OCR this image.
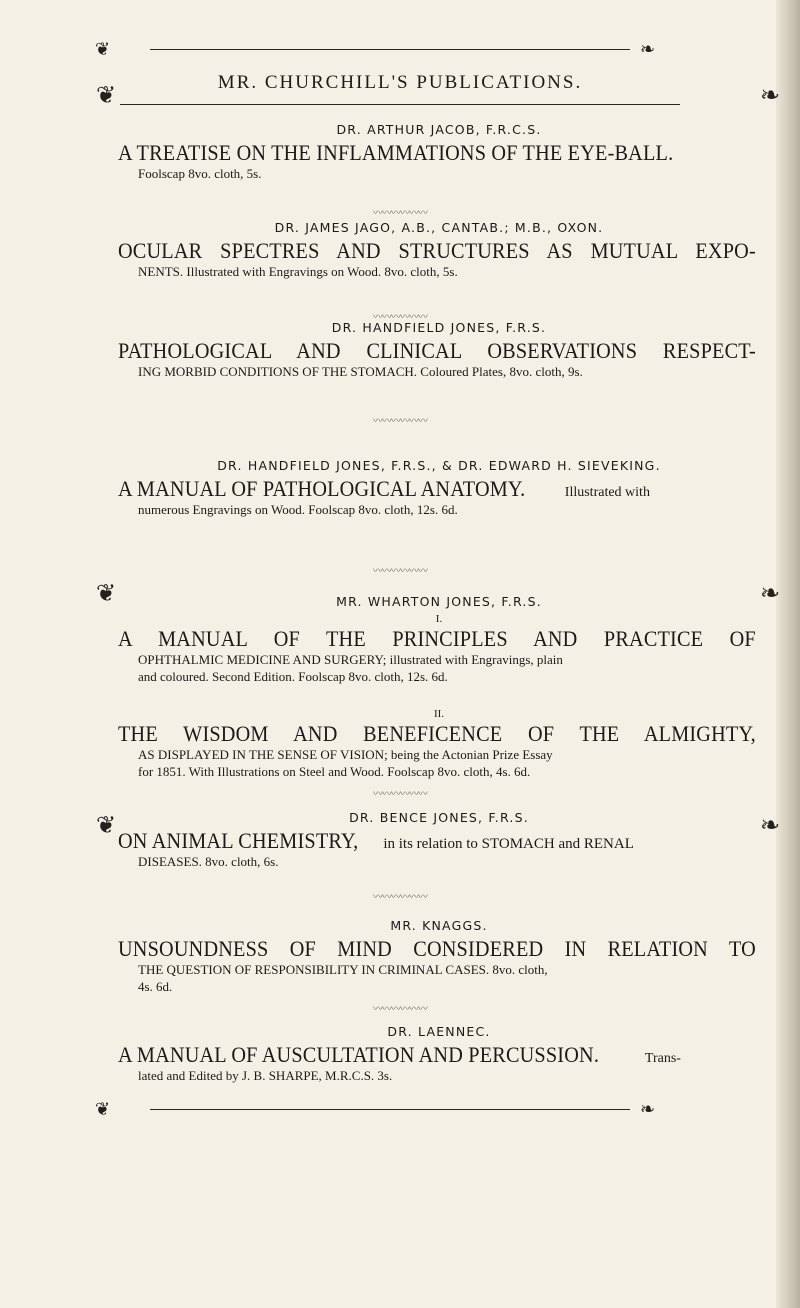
❦	❧
MR. CHURCHILL'S PUBLICATIONS.
❦	❧
❦	❧
❦	❧
DR. ARTHUR JACOB, F.R.C.S.
A TREATISE ON THE INFLAMMATIONS OF THE EYE-BALL.
Foolscap 8vo. cloth, 5s.
〰〰〰〰〰〰
DR. JAMES JAGO, A.B., CANTAB.; M.B., OXON.
OCULAR SPECTRES AND STRUCTURES AS MUTUAL EXPO-
NENTS. Illustrated with Engravings on Wood. 8vo. cloth, 5s.
〰〰〰〰〰〰
DR. HANDFIELD JONES, F.R.S.
PATHOLOGICAL AND CLINICAL OBSERVATIONS RESPECT-
ING MORBID CONDITIONS OF THE STOMACH. Coloured Plates, 8vo. cloth, 9s.
〰〰〰〰〰〰
DR. HANDFIELD JONES, F.R.S., & DR. EDWARD H. SIEVEKING.
A MANUAL OF PATHOLOGICAL ANATOMY.	Illustrated with
numerous Engravings on Wood. Foolscap 8vo. cloth, 12s. 6d.
〰〰〰〰〰〰
MR. WHARTON JONES, F.R.S.
I.
A MANUAL OF THE PRINCIPLES AND PRACTICE OF
OPHTHALMIC MEDICINE AND SURGERY; illustrated with Engravings, plain
and coloured. Second Edition. Foolscap 8vo. cloth, 12s. 6d.
II.
THE WISDOM AND BENEFICENCE OF THE ALMIGHTY,
AS DISPLAYED IN THE SENSE OF VISION; being the Actonian Prize Essay
for 1851. With Illustrations on Steel and Wood. Foolscap 8vo. cloth, 4s. 6d.
〰〰〰〰〰〰
DR. BENCE JONES, F.R.S.
ON ANIMAL CHEMISTRY, in its relation to STOMACH and RENAL
DISEASES. 8vo. cloth, 6s.
〰〰〰〰〰〰
MR. KNAGGS.
UNSOUNDNESS OF MIND CONSIDERED IN RELATION TO
THE QUESTION OF RESPONSIBILITY IN CRIMINAL CASES. 8vo. cloth,
4s. 6d.
〰〰〰〰〰〰
DR. LAENNEC.
A MANUAL OF AUSCULTATION AND PERCUSSION.	Trans-
lated and Edited by J. B. SHARPE, M.R.C.S. 3s.
❦	❧
